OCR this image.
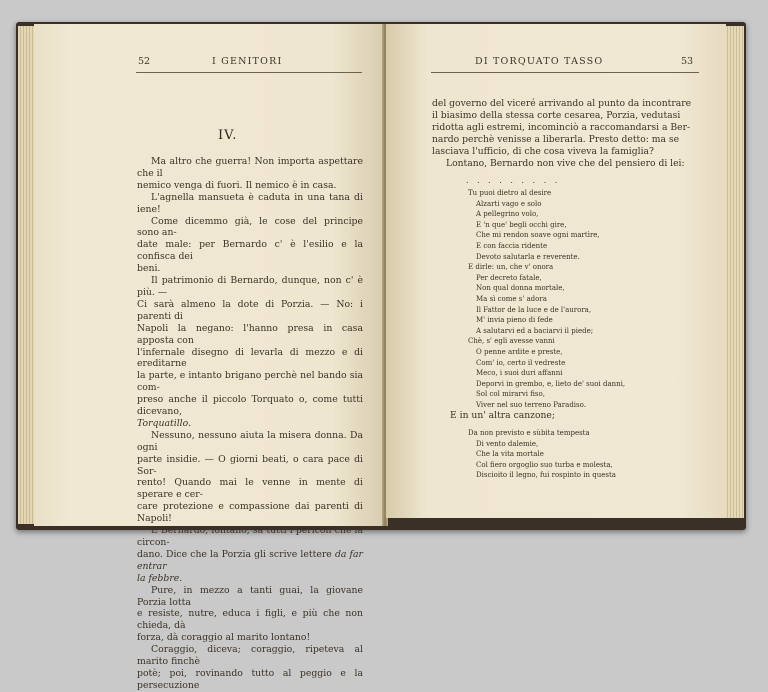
52	I GENITORI
IV.

Ma altro che guerra! Non importa aspettare che il

nemico venga di fuori. Il nemico è in casa.

L'agnella mansueta è caduta in una tana di iene!

Come dicemmo già, le cose del principe sono an-

date male: per Bernardo c' è l'esilio e la confisca dei

beni.

Il patrimonio di Bernardo, dunque, non c' è più. —

Ci sarà almeno la dote di Porzia. — No: i parenti di

Napoli la negano: l'hanno presa in casa apposta con

l'infernale disegno di levarla di mezzo e di ereditarne

la parte, e intanto brigano perchè nel bando sia com-

preso anche il piccolo Torquato o, come tutti dicevano,

Torquatillo.

Nessuno, nessuno aiuta la misera donna. Da ogni

parte insidie. — O giorni beati, o cara pace di Sor-

rento! Quando mai le venne in mente di sperare e cer-

care protezione e compassione dai parenti di Napoli!

E Bernardo, lontano, sa tutti i pericoli che la circon-

dano. Dice che la Porzia gli scrive lettere da far entrar

la febbre.

Pure, in mezzo a tanti guai, la giovane Porzia lotta

e resiste, nutre, educa i figli, e più che non chieda, dà

forza, dà coraggio al marito lontano!

Coraggio, diceva; coraggio, ripeteva al marito finchè

potè; poi, rovinando tutto al peggio e la persecuzione

DI TORQUATO TASSO	53

del governo del viceré arrivando al punto da incontrare

il biasimo della stessa corte cesarea, Porzia, vedutasi

ridotta agli estremi, incominciò a raccomandarsi a Ber-

nardo perchè venisse a liberarla. Presto detto: ma se

lasciava l'ufficio, di che cosa viveva la famiglia?

Lontano, Bernardo non vive che del pensiero di lei:

. . . . . . . . .
Tu puoi dietro al desire
Alzarti vago e solo
A pellegrino volo,
E 'n que' begli occhi gire,
Che mi rendon soave ogni martìre,
E con faccia ridente
Devoto salutarla e reverente.
E dirle: un, che v' onora
Per decreto fatale,
Non qual donna mortale,
Ma sì come s' adora
Il Fattor de la luce e de l'aurora,
M' invia pieno di fede
A salutarvi ed a baciarvi il piede;
Chè, s' egli avesse vanni
O penne ardite e preste,
Com' io, certo il vedreste
Meco, i suoi duri affanni
Deporvi in grembo, e, lieto de' suoi danni,
Sol col mirarvi fiso,
Viver nel suo terreno Paradiso.

E in un' altra canzone;

Da non previsto e sùbita tempesta
Di vento dalemie,
Che la vita mortale
Col fiero orgoglio suo turba e molesta,
Discioito il legno, fui rospinto in questa
